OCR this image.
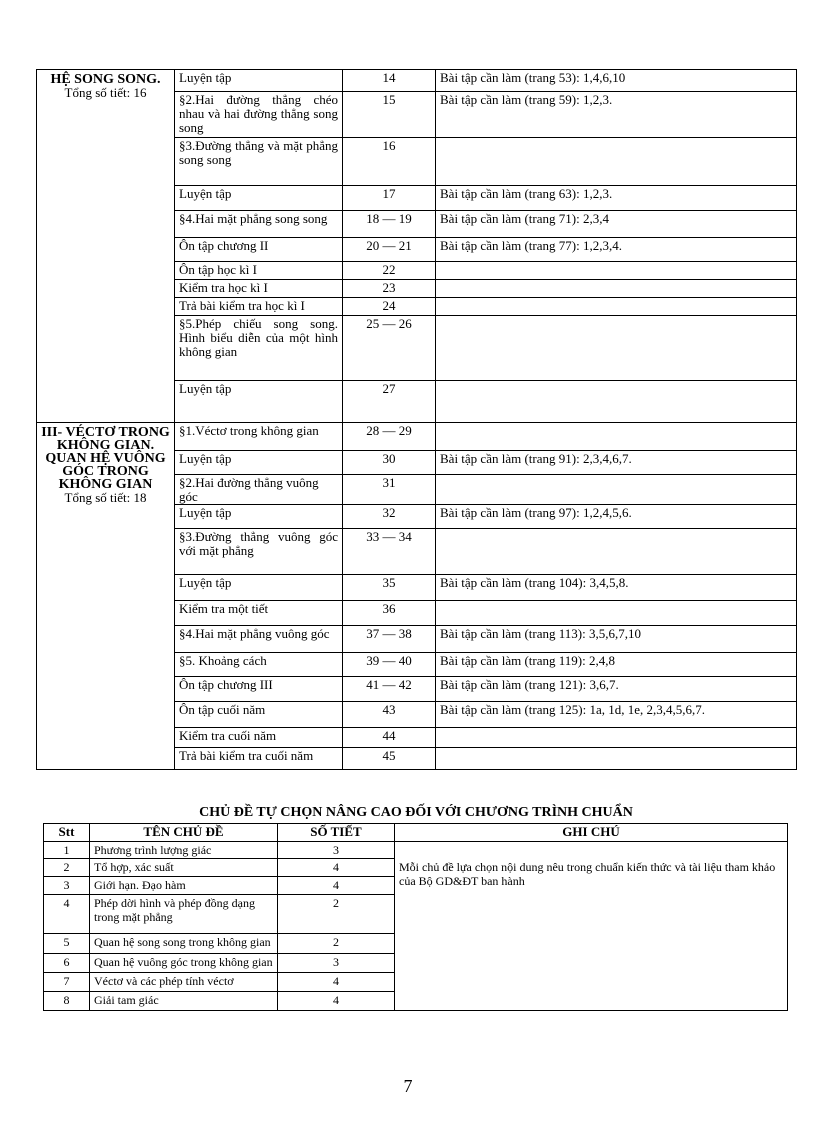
HỆ SONG SONG.
Tổng số tiết: 16	Luyện tập	14	Bài tập cần làm (trang 53): 1,4,6,10
	§2.Hai đường thẳng chéo nhau và hai đường thẳng song song	15	Bài tập cần làm (trang 59): 1,2,3.
	§3.Đường thẳng và mặt phẳng song song	16	
	Luyện tập	17	Bài tập cần làm (trang 63): 1,2,3.
	§4.Hai mặt phẳng song song	18 — 19	Bài tập cần làm (trang 71): 2,3,4
	Ôn tập chương II	20 — 21	Bài tập cần làm (trang 77): 1,2,3,4.
	Ôn tập học kì I	22	
	Kiểm tra học kì I	23	
	Trả bài kiểm tra học kì I	24	
	§5.Phép chiếu song song. Hình biểu diễn của một hình không gian	25 — 26	
	Luyện tập	27	

III- VÉCTƠ TRONG KHÔNG GIAN. QUAN HỆ VUÔNG GÓC TRONG KHÔNG GIAN
Tổng số tiết: 18	§1.Véctơ trong không gian	28 — 29	
	Luyện tập	30	Bài tập cần làm (trang 91): 2,3,4,6,7.
	§2.Hai đường thẳng vuông góc	31	
	Luyện tập	32	Bài tập cần làm (trang 97): 1,2,4,5,6.
	§3.Đường thẳng vuông góc với mặt phẳng	33 — 34	
	Luyện tập	35	Bài tập cần làm (trang 104): 3,4,5,8.
	Kiểm tra một tiết	36	
	§4.Hai mặt phẳng vuông góc	37 — 38	Bài tập cần làm (trang 113): 3,5,6,7,10
	§5. Khoảng cách	39 — 40	Bài tập cần làm (trang 119): 2,4,8
	Ôn tập chương III	41 — 42	Bài tập cần làm (trang 121): 3,6,7.
	Ôn tập cuối năm	43	Bài tập cần làm (trang 125): 1a, 1d, 1e, 2,3,4,5,6,7.
	Kiểm tra cuối năm	44	
	Trả bài kiểm tra cuối năm	45	
CHỦ ĐỀ TỰ CHỌN NÂNG CAO ĐỐI VỚI CHƯƠNG TRÌNH CHUẨN
Stt	TÊN CHỦ ĐỀ	SỐ TIẾT	GHI CHÚ
1	Phương trình lượng giác	3	Mỗi chủ đề lựa chọn nội dung nêu trong chuẩn kiến thức và tài liệu tham khảo của Bộ GD&ĐT ban hành
2	Tổ hợp, xác suất	4	
3	Giới hạn. Đạo hàm	4	
4	Phép dời hình và phép đồng dạng trong mặt phẳng	2	
5	Quan hệ song song trong không gian	2	
6	Quan hệ vuông góc trong không gian	3	
7	Véctơ và các phép tính véctơ	4	
8	Giải tam giác	4	
7
